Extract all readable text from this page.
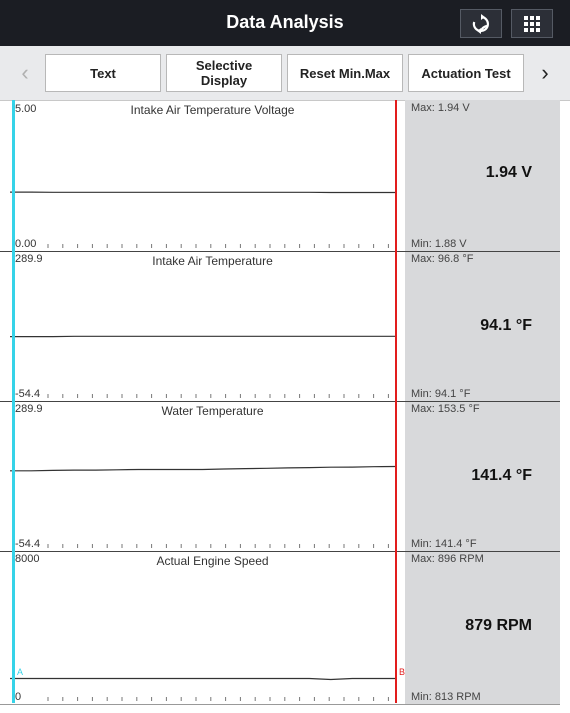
Data Analysis
‹	Text	Selective
Display	Reset Min.Max Actuation Test ›
5.00	Intake Air Temperature Voltage
0.00
Max: 1.94 V
1.94 V
Min: 1.88 V
289.9	Intake Air Temperature
-54.4
Max: 96.8 °F
94.1 °F
Min: 94.1 °F
289.9	Water Temperature
-54.4
Max: 153.5 °F
141.4 °F
Min: 141.4 °F
8000	Actual Engine Speed
0
Max: 896 RPM
879 RPM
Min: 813 RPM
A	B
